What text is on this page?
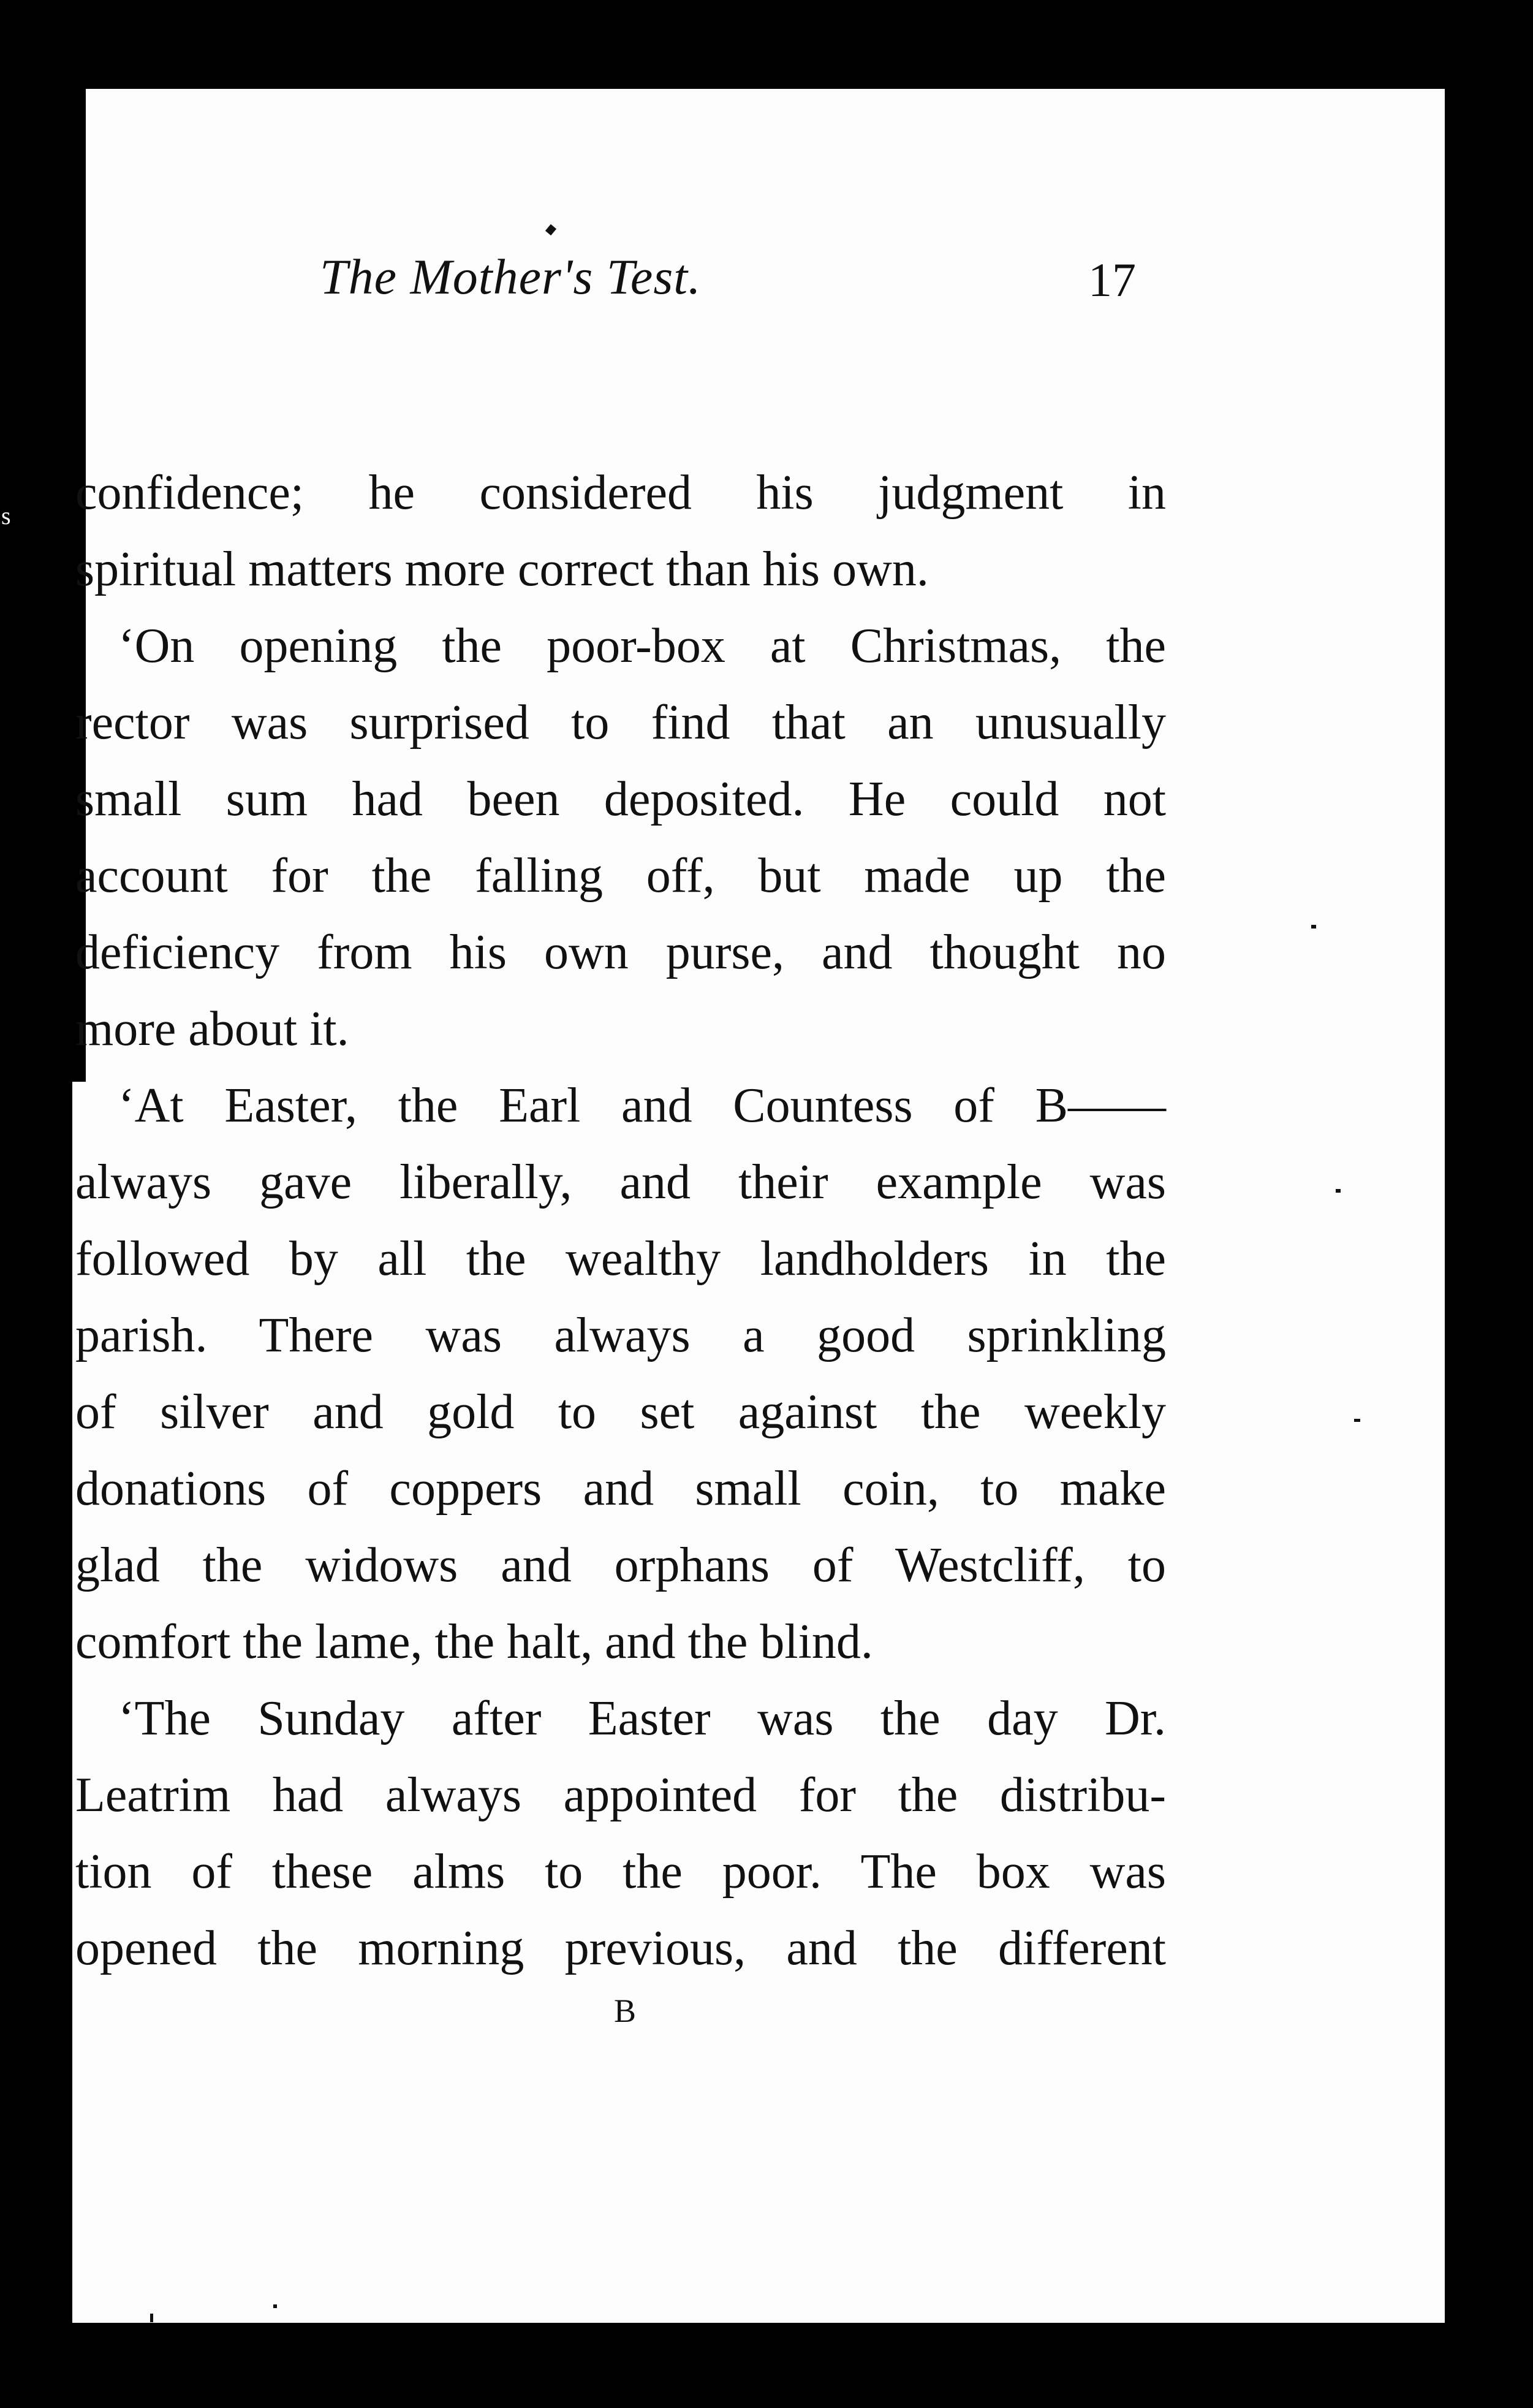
s
The Mother's Test.	17
confidence; he considered his judgment in
spiritual matters more correct than his own.
‘On opening the poor-box at Christmas, the
rector was surprised to find that an unusually
small sum had been deposited. He could not
account for the falling off, but made up the
deficiency from his own purse, and thought no
more about it.
‘At Easter, the Earl and Countess of B——
always gave liberally, and their example was
followed by all the wealthy landholders in the
parish. There was always a good sprinkling
of silver and gold to set against the weekly
donations of coppers and small coin, to make
glad the widows and orphans of Westcliff, to
comfort the lame, the halt, and the blind.
‘The Sunday after Easter was the day Dr.
Leatrim had always appointed for the distribu-
tion of these alms to the poor. The box was
opened the morning previous, and the different
B
